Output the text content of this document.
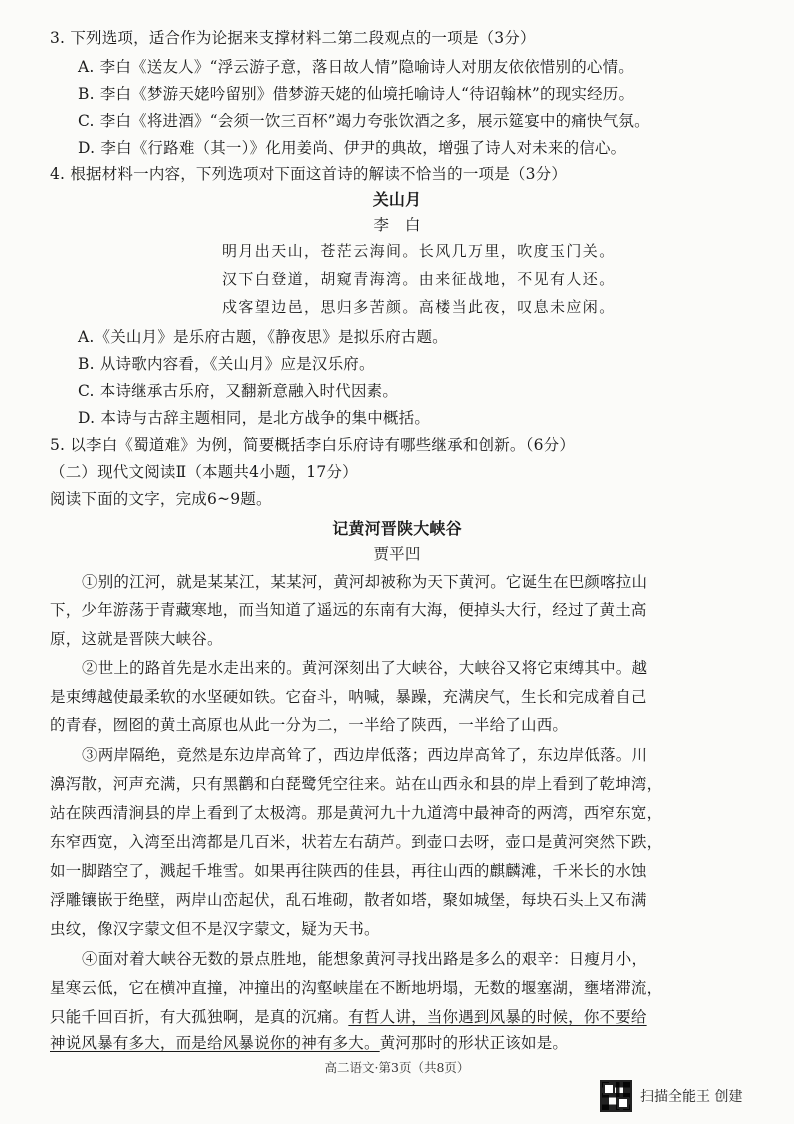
3. 下列选项，适合作为论据来支撑材料二第二段观点的一项是（3分）
A. 李白《送友人》“浮云游子意，落日故人情”隐喻诗人对朋友依依惜别的心情。
B. 李白《梦游天姥吟留别》借梦游天姥的仙境托喻诗人“待诏翰林”的现实经历。
C. 李白《将进酒》“会须一饮三百杯”竭力夸张饮酒之多，展示筵宴中的痛快气氛。
D. 李白《行路难（其一）》化用姜尚、伊尹的典故，增强了诗人对未来的信心。
4. 根据材料一内容，下列选项对下面这首诗的解读不恰当的一项是（3分）
关山月
李　白
明月出天山，苍茫云海间。长风几万里，吹度玉门关。
汉下白登道，胡窥青海湾。由来征战地，不见有人还。
戍客望边邑，思归多苦颜。高楼当此夜，叹息未应闲。
A.《关山月》是乐府古题，《静夜思》是拟乐府古题。
B. 从诗歌内容看，《关山月》应是汉乐府。
C. 本诗继承古乐府，又翻新意融入时代因素。
D. 本诗与古辞主题相同，是北方战争的集中概括。
5. 以李白《蜀道难》为例，简要概括李白乐府诗有哪些继承和创新。（6分）
（二）现代文阅读Ⅱ（本题共4小题，17分）
阅读下面的文字，完成6~9题。
记黄河晋陕大峡谷
贾平凹
①别的江河，就是某某江，某某河，黄河却被称为天下黄河。它诞生在巴颜喀拉山
下，少年游荡于青藏寒地，而当知道了遥远的东南有大海，便掉头大行，经过了黄土高
原，这就是晋陕大峡谷。
②世上的路首先是水走出来的。黄河深刻出了大峡谷，大峡谷又将它束缚其中。越
是束缚越使最柔软的水坚硬如铁。它奋斗，呐喊，暴躁，充满戾气，生长和完成着自己
的青春，囫囵的黄土高原也从此一分为二，一半给了陕西，一半给了山西。
③两岸隔绝，竟然是东边岸高耸了，西边岸低落；西边岸高耸了，东边岸低落。川
濞泻散，河声充满，只有黑鹳和白琵鹭凭空往来。站在山西永和县的岸上看到了乾坤湾，
站在陕西清涧县的岸上看到了太极湾。那是黄河九十九道湾中最神奇的两湾，西窄东宽，
东窄西宽，入湾至出湾都是几百米，状若左右葫芦。到壶口去呀，壶口是黄河突然下跌，
如一脚踏空了，溅起千堆雪。如果再往陕西的佳县，再往山西的麒麟滩，千米长的水蚀
浮雕镶嵌于绝壁，两岸山峦起伏，乱石堆砌，散者如塔，聚如城堡，每块石头上又布满
虫纹，像汉字蒙文但不是汉字蒙文，疑为天书。
④面对着大峡谷无数的景点胜地，能想象黄河寻找出路是多么的艰辛：日瘦月小，
星寒云低，它在横冲直撞，冲撞出的沟壑峡崖在不断地坍塌，无数的堰塞湖，壅堵滞流，
只能千回百折，有大孤独啊，是真的沉痛。有哲人讲，当你遇到风暴的时候，你不要给
神说风暴有多大，而是给风暴说你的神有多大。黄河那时的形状正该如是。
高二语文·第3页（共8页）
扫描全能王 创建
